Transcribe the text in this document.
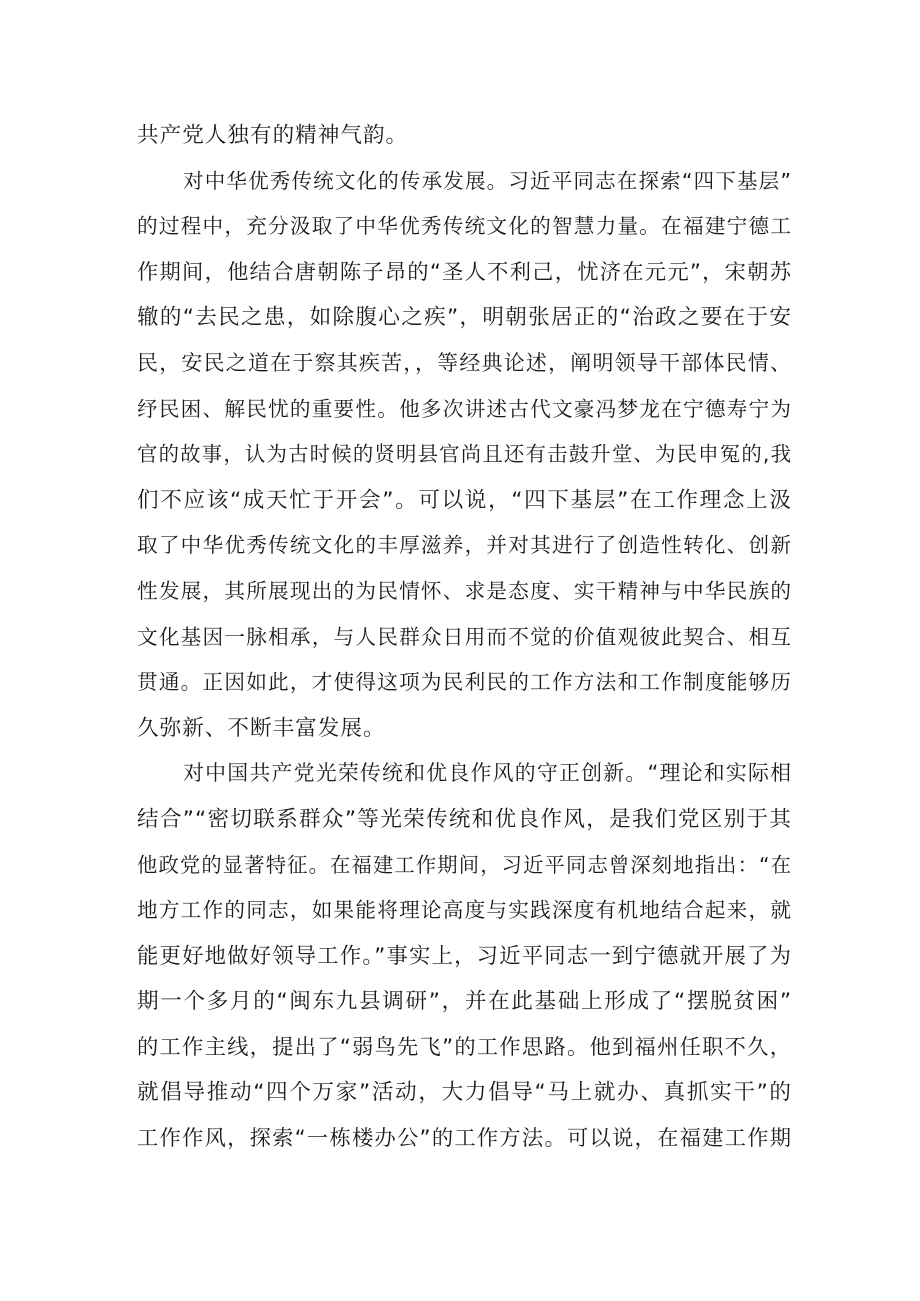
共产党人独有的精神气韵。
对中华优秀传统文化的传承发展。习近平同志在探索“四下基层”
的过程中，充分汲取了中华优秀传统文化的智慧力量。在福建宁德工
作期间，他结合唐朝陈子昂的“圣人不利己，忧济在元元”，宋朝苏
辙的“去民之患，如除腹心之疾”，明朝张居正的“治政之要在于安
民，安民之道在于察其疾苦，，等经典论述，阐明领导干部体民情、
纾民困、解民忧的重要性。他多次讲述古代文豪冯梦龙在宁德寿宁为
官的故事，认为古时候的贤明县官尚且还有击鼓升堂、为民申冤的,我
们不应该“成天忙于开会”。可以说，“四下基层”在工作理念上汲
取了中华优秀传统文化的丰厚滋养，并对其进行了创造性转化、创新
性发展，其所展现出的为民情怀、求是态度、实干精神与中华民族的
文化基因一脉相承，与人民群众日用而不觉的价值观彼此契合、相互
贯通。正因如此，才使得这项为民利民的工作方法和工作制度能够历
久弥新、不断丰富发展。
对中国共产党光荣传统和优良作风的守正创新。“理论和实际相
结合”“密切联系群众”等光荣传统和优良作风，是我们党区别于其
他政党的显著特征。在福建工作期间，习近平同志曾深刻地指出：“在
地方工作的同志，如果能将理论高度与实践深度有机地结合起来，就
能更好地做好领导工作。”事实上，习近平同志一到宁德就开展了为
期一个多月的“闽东九县调研”，并在此基础上形成了“摆脱贫困”
的工作主线，提出了“弱鸟先飞”的工作思路。他到福州任职不久，
就倡导推动“四个万家”活动，大力倡导“马上就办、真抓实干”的
工作作风，探索“一栋楼办公”的工作方法。可以说，在福建工作期
